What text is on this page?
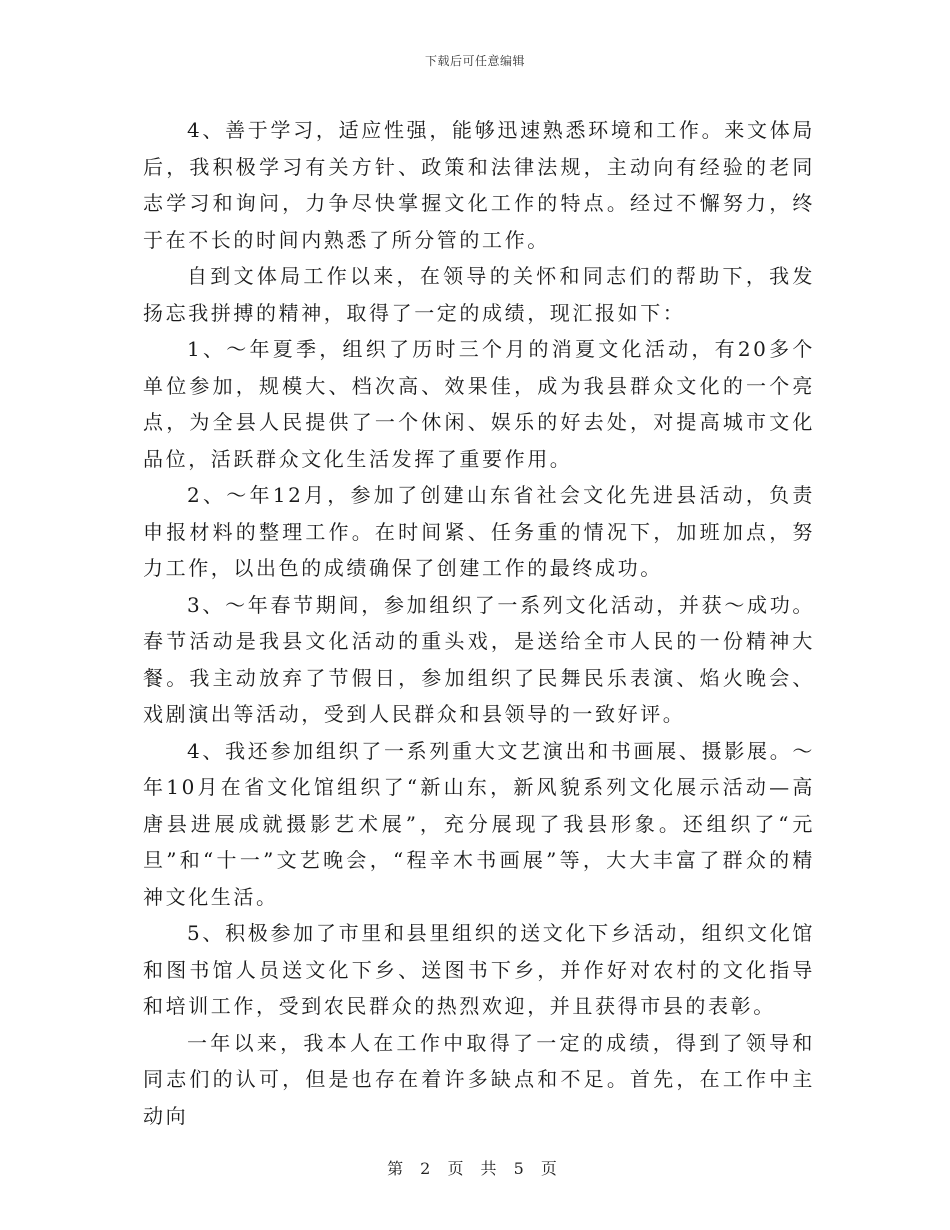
下载后可任意编辑

4、善于学习，适应性强，能够迅速熟悉环境和工作。来文体局后，我积极学习有关方针、政策和法律法规，主动向有经验的老同志学习和询问，力争尽快掌握文化工作的特点。经过不懈努力，终于在不长的时间内熟悉了所分管的工作。

自到文体局工作以来，在领导的关怀和同志们的帮助下，我发扬忘我拼搏的精神，取得了一定的成绩，现汇报如下：

1、～年夏季，组织了历时三个月的消夏文化活动，有20多个单位参加，规模大、档次高、效果佳，成为我县群众文化的一个亮点，为全县人民提供了一个休闲、娱乐的好去处，对提高城市文化品位，活跃群众文化生活发挥了重要作用。

2、～年12月，参加了创建山东省社会文化先进县活动，负责申报材料的整理工作。在时间紧、任务重的情况下，加班加点，努力工作，以出色的成绩确保了创建工作的最终成功。

3、～年春节期间，参加组织了一系列文化活动，并获～成功。春节活动是我县文化活动的重头戏，是送给全市人民的一份精神大餐。我主动放弃了节假日，参加组织了民舞民乐表演、焰火晚会、戏剧演出等活动，受到人民群众和县领导的一致好评。

4、我还参加组织了一系列重大文艺演出和书画展、摄影展。～年10月在省文化馆组织了“新山东，新风貌系列文化展示活动—高唐县进展成就摄影艺术展”，充分展现了我县形象。还组织了“元旦”和“十一”文艺晚会，“程辛木书画展”等，大大丰富了群众的精神文化生活。

5、积极参加了市里和县里组织的送文化下乡活动，组织文化馆和图书馆人员送文化下乡、送图书下乡，并作好对农村的文化指导和培训工作，受到农民群众的热烈欢迎，并且获得市县的表彰。

一年以来，我本人在工作中取得了一定的成绩，得到了领导和同志们的认可，但是也存在着许多缺点和不足。首先，在工作中主动向

第 2 页 共 5 页
